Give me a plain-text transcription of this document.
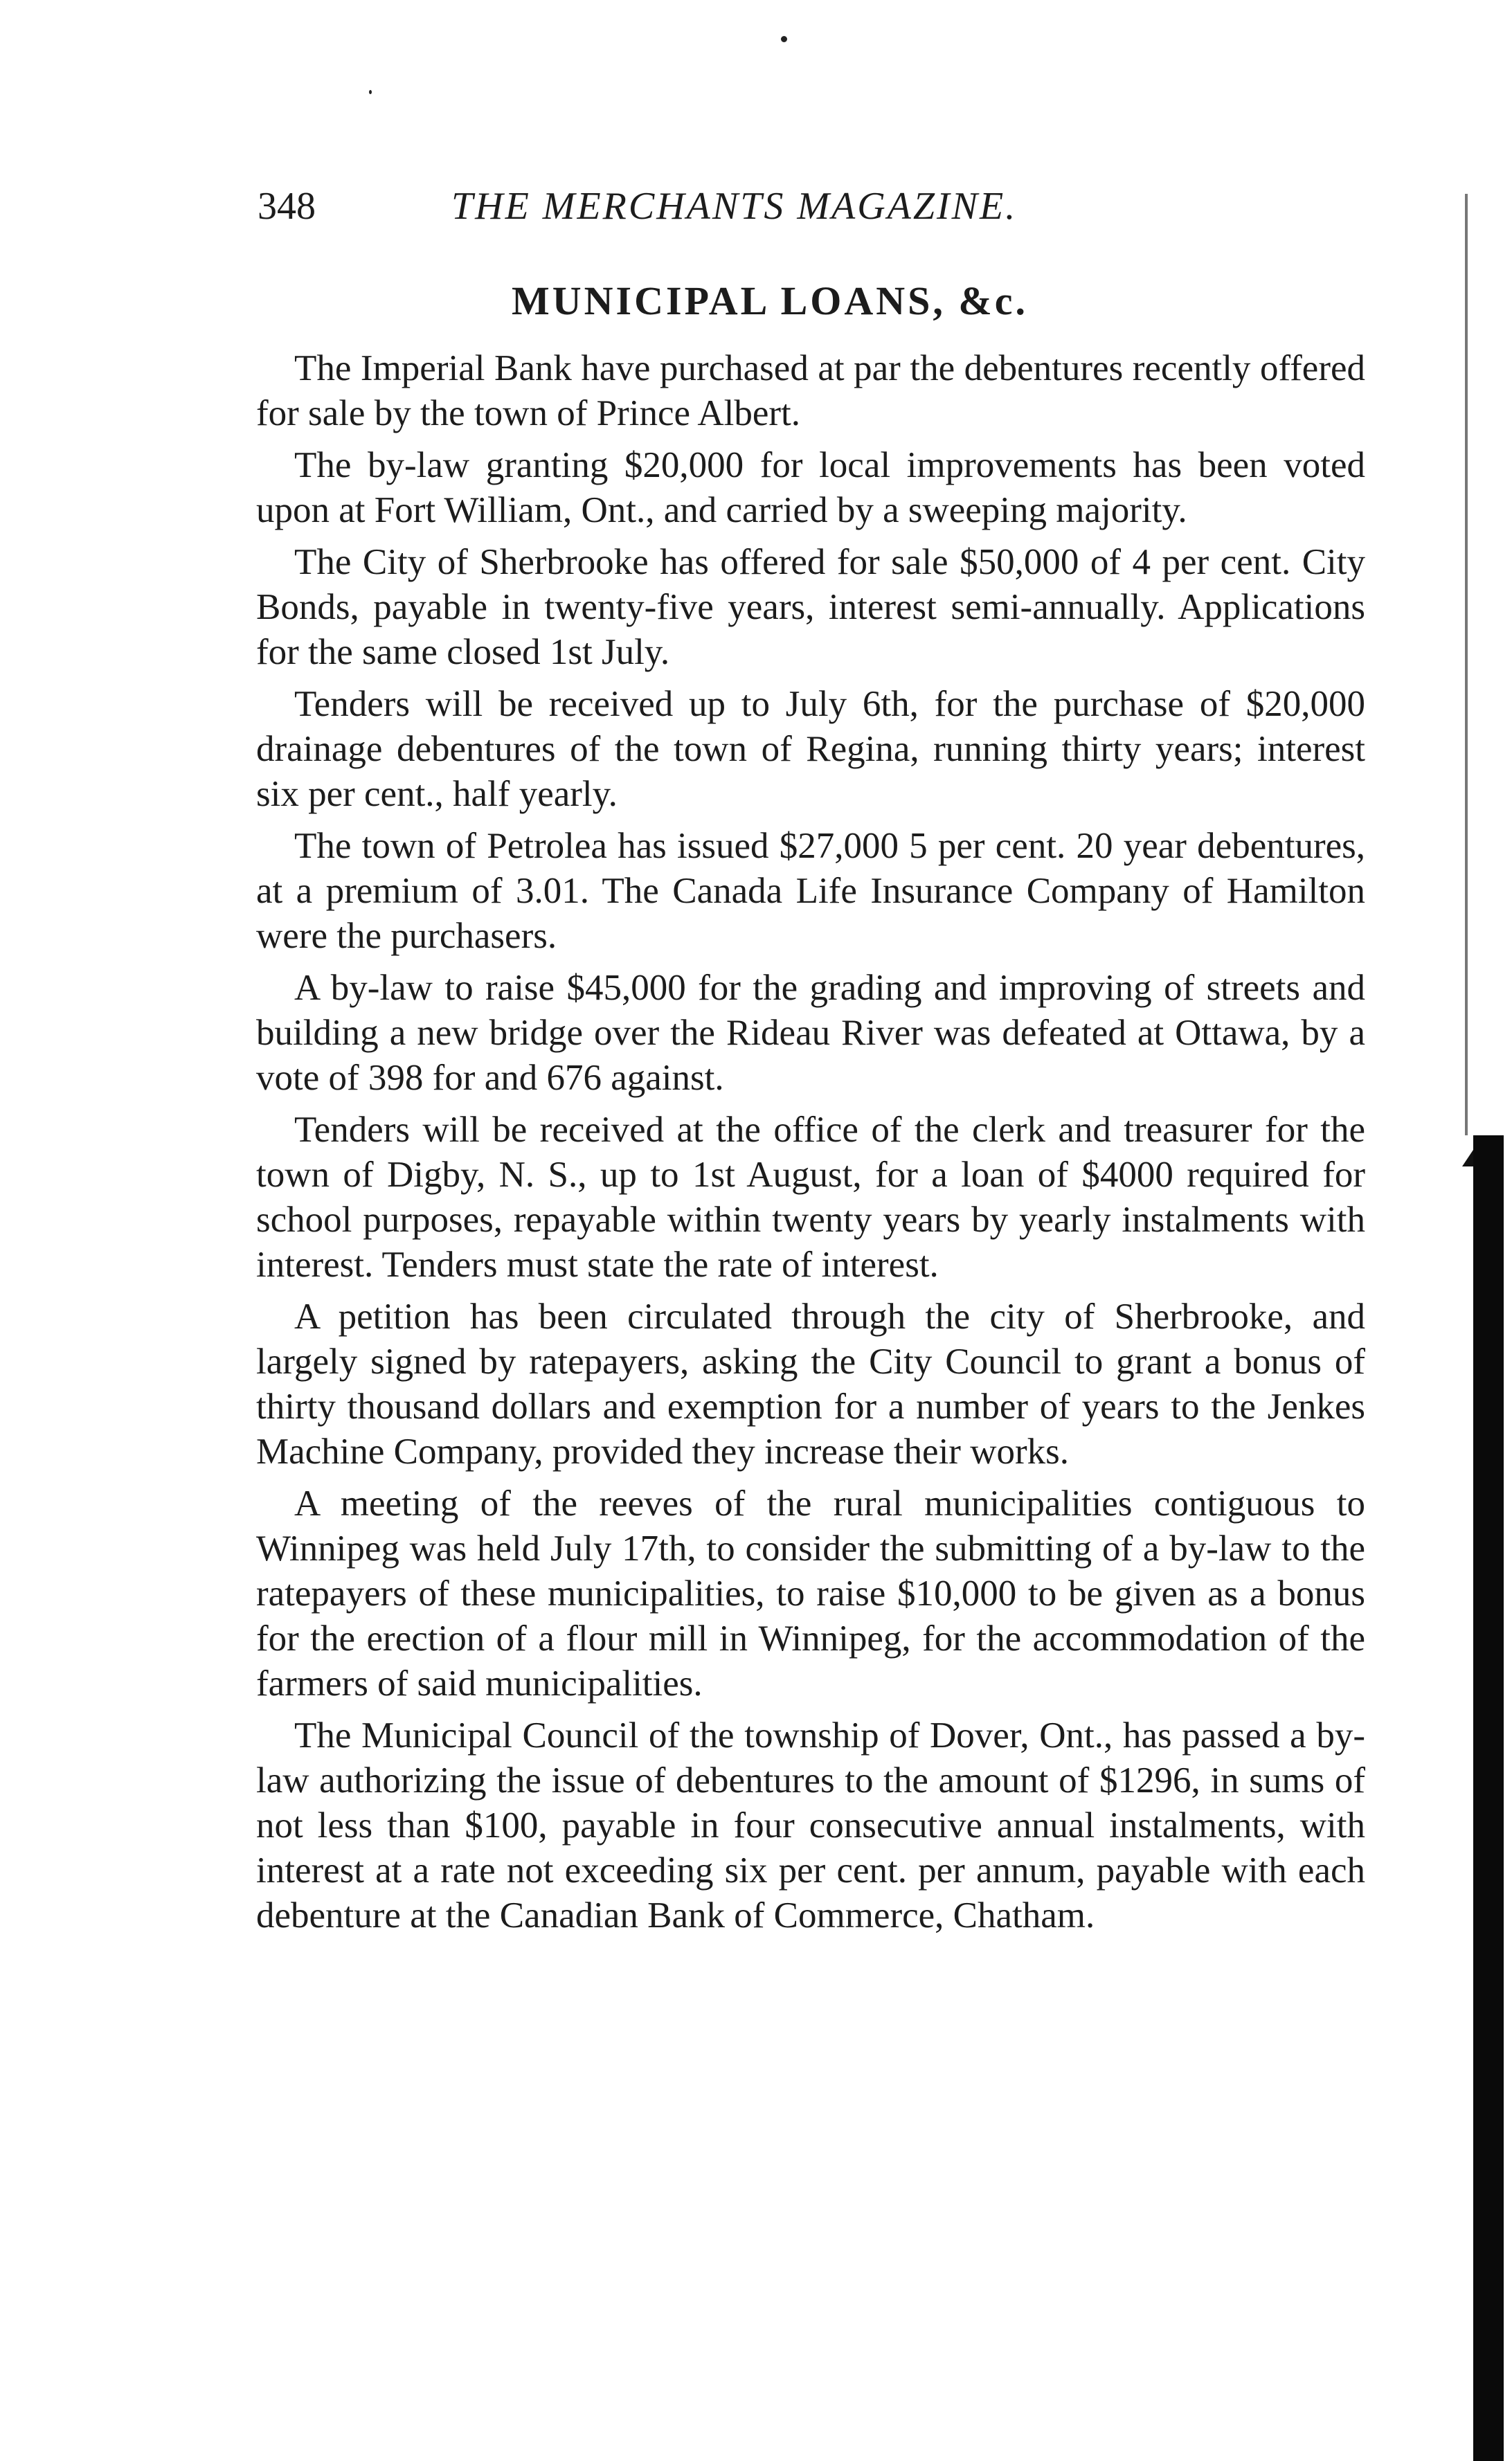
348	THE MERCHANTS MAGAZINE.
MUNICIPAL LOANS, &c.

The Imperial Bank have purchased at par the debentures recently offered for sale by the town of Prince Albert.

The by-law granting $20,000 for local improvements has been voted upon at Fort William, Ont., and carried by a sweeping majority.

The City of Sherbrooke has offered for sale $50,000 of 4 per cent. City Bonds, payable in twenty-five years, interest semi-annually. Applications for the same closed 1st July.

Tenders will be received up to July 6th, for the purchase of $20,000 drainage debentures of the town of Regina, running thirty years; interest six per cent., half yearly.

The town of Petrolea has issued $27,000 5 per cent. 20 year debentures, at a premium of 3.01. The Canada Life Insurance Company of Hamilton were the purchasers.

A by-law to raise $45,000 for the grading and improving of streets and building a new bridge over the Rideau River was defeated at Ottawa, by a vote of 398 for and 676 against.

Tenders will be received at the office of the clerk and treasurer for the town of Digby, N. S., up to 1st August, for a loan of $4000 required for school purposes, repayable within twenty years by yearly instalments with interest. Tenders must state the rate of interest.

A petition has been circulated through the city of Sherbrooke, and largely signed by ratepayers, asking the City Council to grant a bonus of thirty thousand dollars and exemption for a number of years to the Jenkes Machine Company, provided they increase their works.

A meeting of the reeves of the rural municipalities contiguous to Winnipeg was held July 17th, to consider the submitting of a by-law to the ratepayers of these municipalities, to raise $10,000 to be given as a bonus for the erection of a flour mill in Winnipeg, for the accommodation of the farmers of said municipalities.

The Municipal Council of the township of Dover, Ont., has passed a by-law authorizing the issue of debentures to the amount of $1296, in sums of not less than $100, payable in four consecutive annual instalments, with interest at a rate not exceeding six per cent. per annum, payable with each debenture at the Canadian Bank of Commerce, Chatham.
